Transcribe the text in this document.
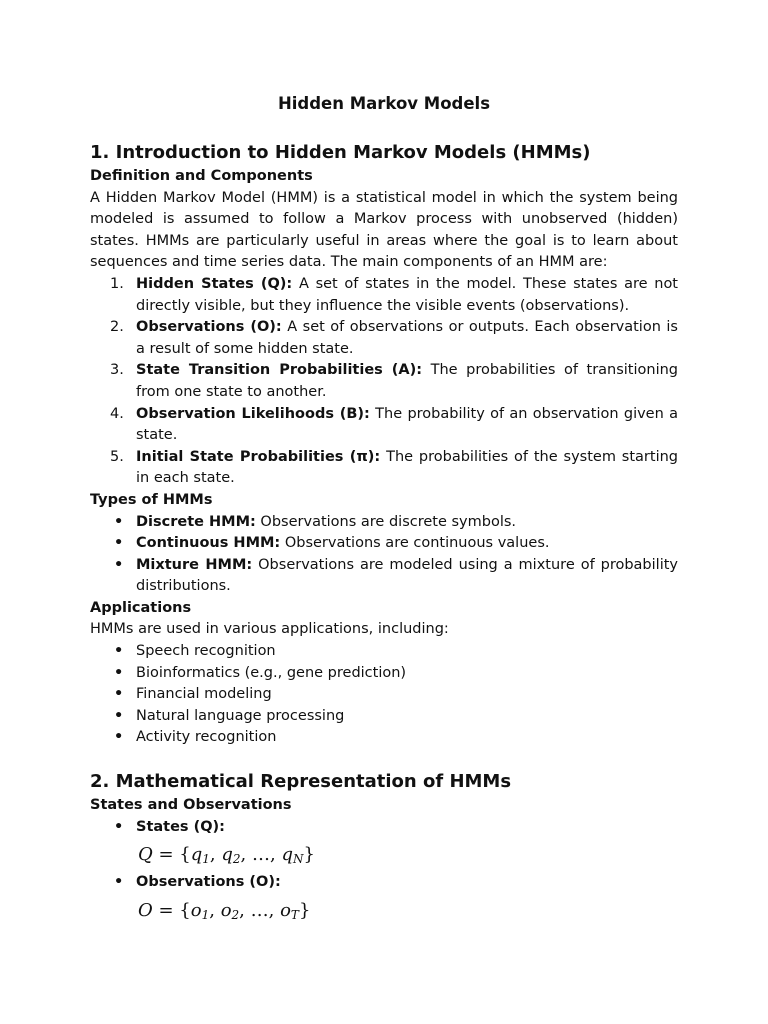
Hidden Markov Models
1. Introduction to Hidden Markov Models (HMMs)
Definition and Components

A Hidden Markov Model (HMM) is a statistical model in which the system being modeled is assumed to follow a Markov process with unobserved (hidden) states. HMMs are particularly useful in areas where the goal is to learn about sequences and time series data. The main components of an HMM are:

1. Hidden States (Q): A set of states in the model. These states are not directly visible, but they influence the visible events (observations).
2. Observations (O): A set of observations or outputs. Each observation is a result of some hidden state.
3. State Transition Probabilities (A): The probabilities of transitioning from one state to another.
4. Observation Likelihoods (B): The probability of an observation given a state.
5. Initial State Probabilities (π): The probabilities of the system starting in each state.
Types of HMMs
• Discrete HMM: Observations are discrete symbols.
• Continuous HMM: Observations are continuous values.
• Mixture HMM: Observations are modeled using a mixture of probability distributions.
Applications

HMMs are used in various applications, including:

• Speech recognition
• Bioinformatics (e.g., gene prediction)
• Financial modeling
• Natural language processing
• Activity recognition
2. Mathematical Representation of HMMs
States and Observations
• States (Q):
$Q = \{q_1$, $q_2$, …, $q_N$}
• Observations (O):
$O = \{o_1$, $o_2$, …, $o_T$}
